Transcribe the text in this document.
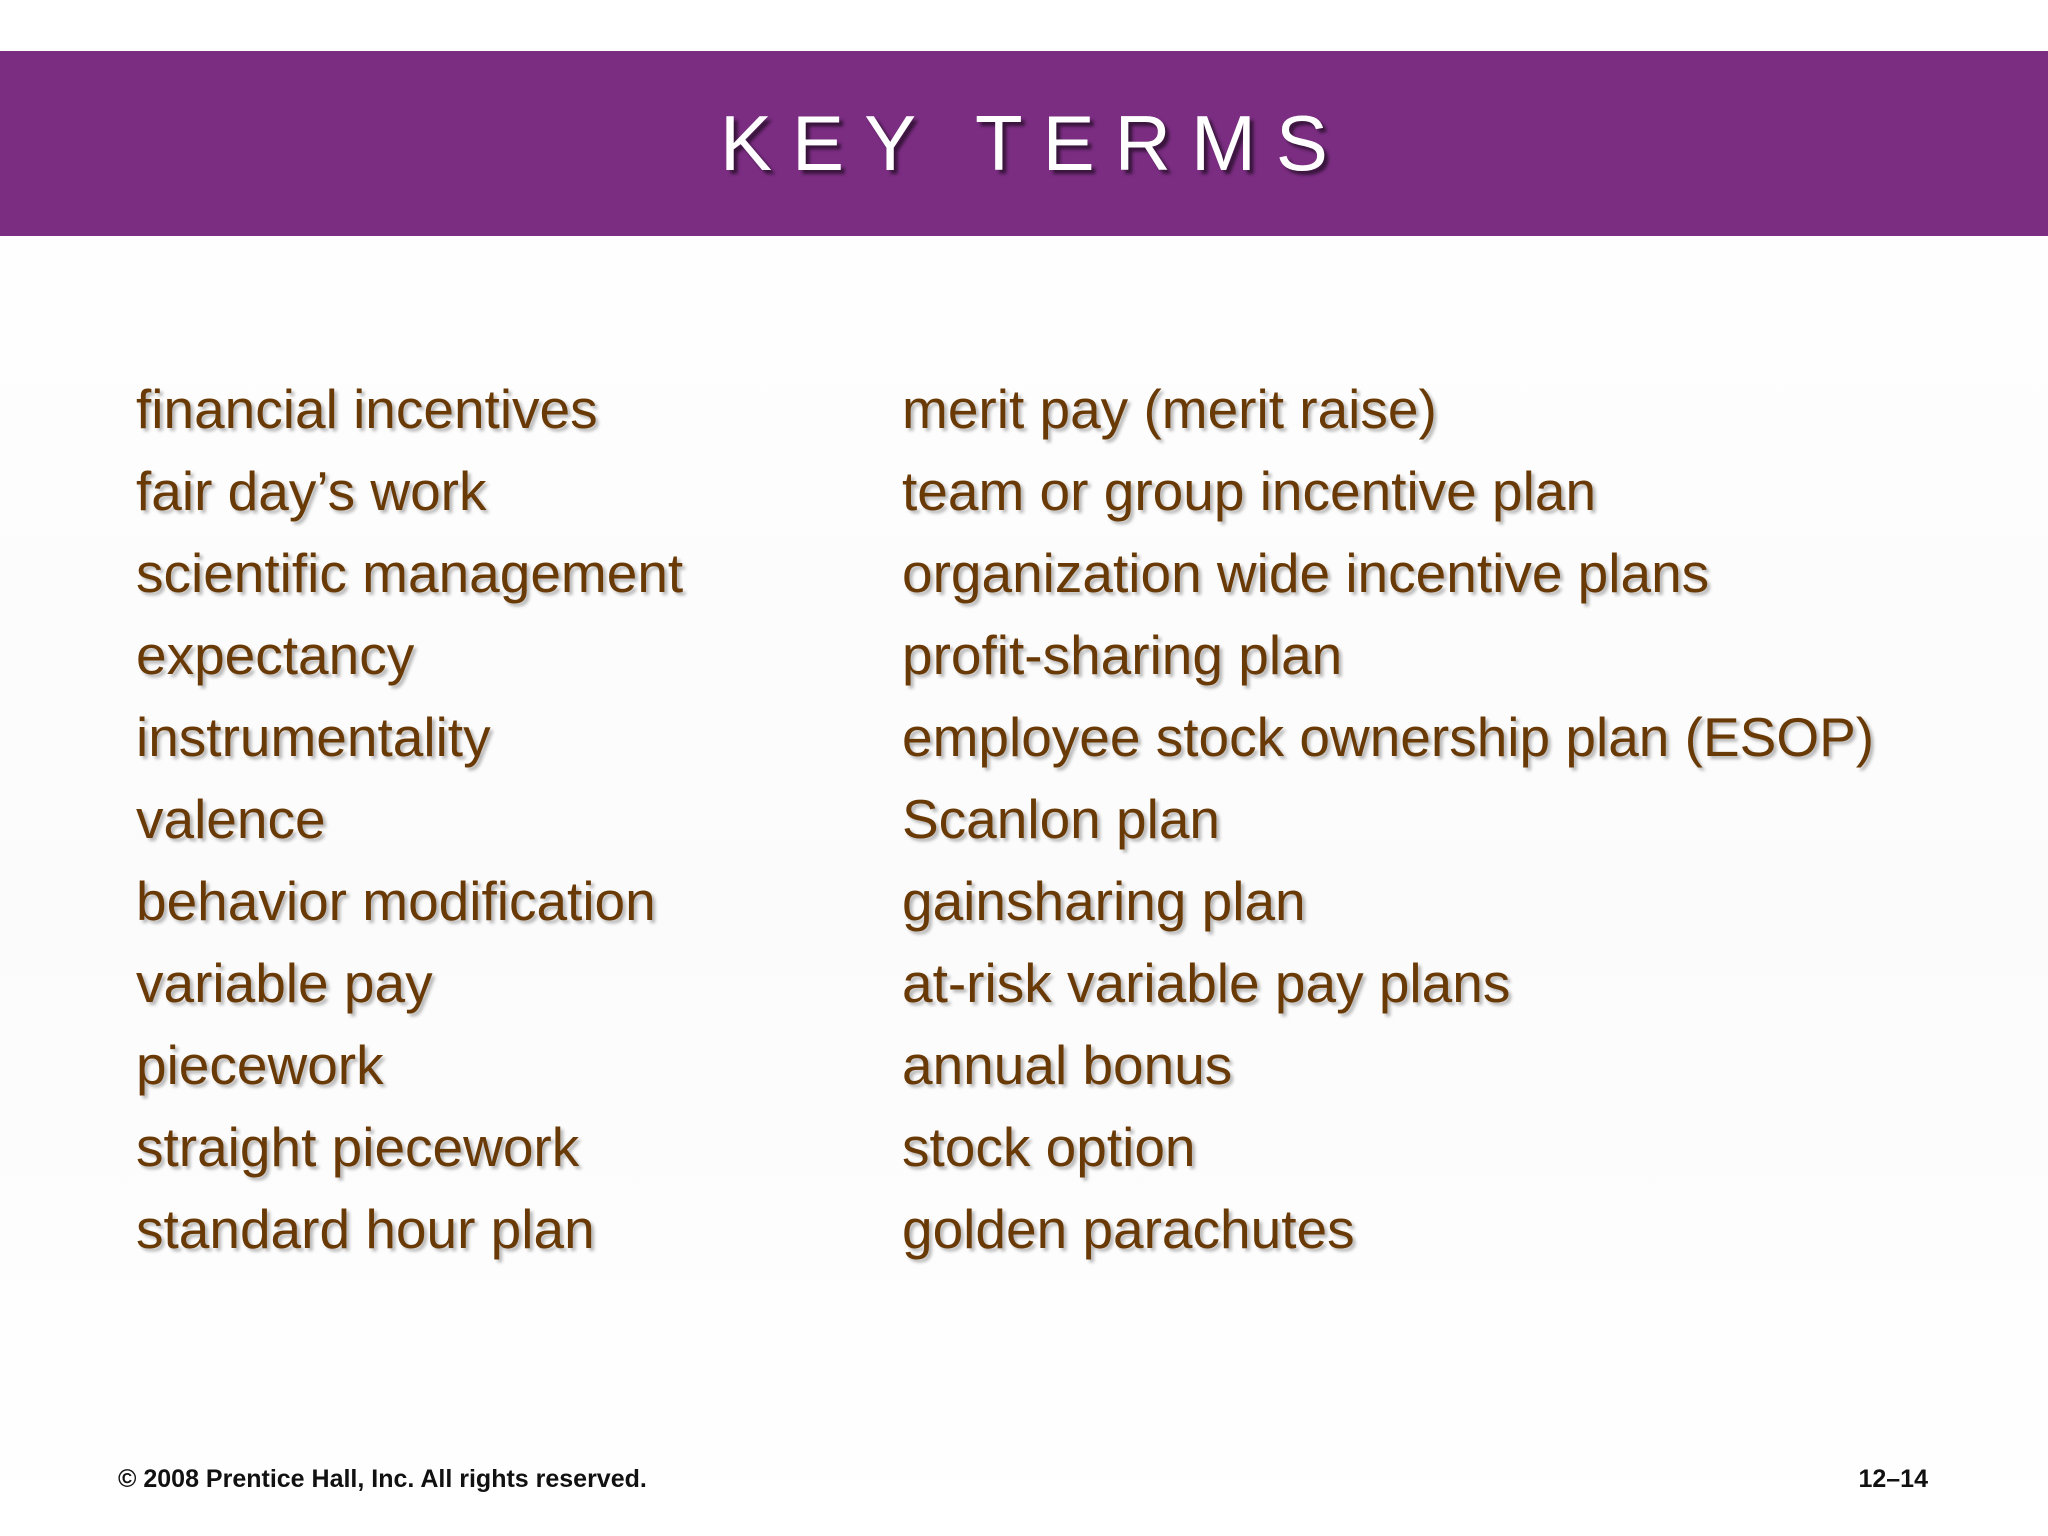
KEY TERMS
financial incentives
fair day’s work
scientific management
expectancy
instrumentality
valence
behavior modification
variable pay
piecework
straight piecework
standard hour plan
merit pay (merit raise)
team or group incentive plan
organization wide incentive plans
profit-sharing plan
employee stock ownership plan (ESOP)
Scanlon plan
gainsharing plan
at-risk variable pay plans
annual bonus
stock option
golden parachutes
© 2008 Prentice Hall, Inc. All rights reserved.	12–14
